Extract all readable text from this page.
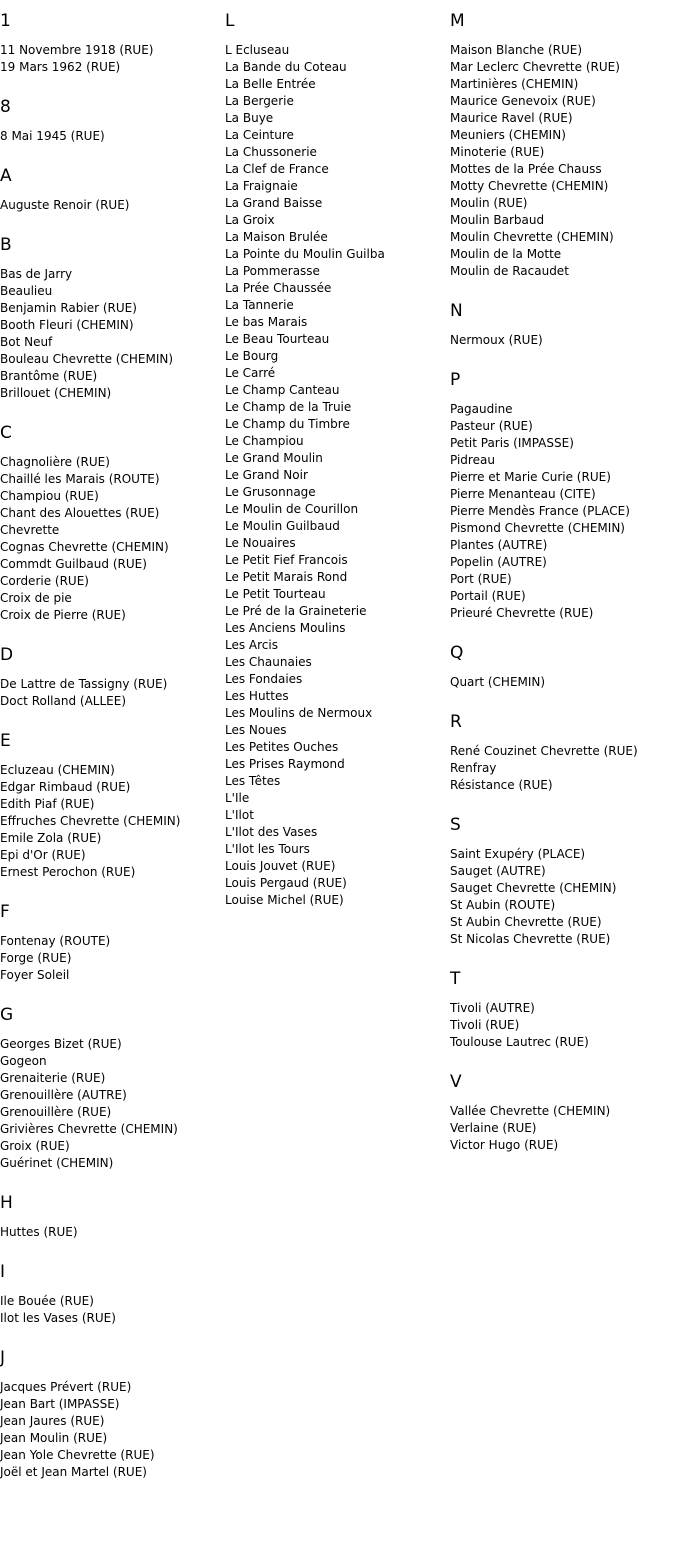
1
11 Novembre 1918 (RUE)
19 Mars 1962 (RUE)
8
8 Mai 1945 (RUE)
A
Auguste Renoir (RUE)
B
Bas de Jarry
Beaulieu
Benjamin Rabier (RUE)
Booth Fleuri (CHEMIN)
Bot Neuf
Bouleau Chevrette (CHEMIN)
Brantôme (RUE)
Brillouet (CHEMIN)
C
Chagnolière (RUE)
Chaillé les Marais (ROUTE)
Champiou (RUE)
Chant des Alouettes (RUE)
Chevrette
Cognas Chevrette (CHEMIN)
Commdt Guilbaud (RUE)
Corderie (RUE)
Croix de pie
Croix de Pierre (RUE)
D
De Lattre de Tassigny (RUE)
Doct Rolland (ALLEE)
E
Ecluzeau (CHEMIN)
Edgar Rimbaud (RUE)
Edith Piaf (RUE)
Effruches Chevrette (CHEMIN)
Emile Zola (RUE)
Epi d'Or (RUE)
Ernest Perochon (RUE)
F
Fontenay (ROUTE)
Forge (RUE)
Foyer Soleil
G
Georges Bizet (RUE)
Gogeon
Grenaiterie (RUE)
Grenouillère (AUTRE)
Grenouillère (RUE)
Grivières Chevrette (CHEMIN)
Groix (RUE)
Guérinet (CHEMIN)
H
Huttes (RUE)
I
Ile Bouée (RUE)
Ilot les Vases (RUE)
J
Jacques Prévert (RUE)
Jean Bart (IMPASSE)
Jean Jaures (RUE)
Jean Moulin (RUE)
Jean Yole Chevrette (RUE)
Joël et Jean Martel (RUE)
L
L Ecluseau
La Bande du Coteau
La Belle Entrée
La Bergerie
La Buye
La Ceinture
La Chussonerie
La Clef de France
La Fraignaie
La Grand Baisse
La Groix
La Maison Brulée
La Pointe du Moulin Guilba
La Pommerasse
La Prée Chaussée
La Tannerie
Le bas Marais
Le Beau Tourteau
Le Bourg
Le Carré
Le Champ Canteau
Le Champ de la Truie
Le Champ du Timbre
Le Champiou
Le Grand Moulin
Le Grand Noir
Le Grusonnage
Le Moulin de Courillon
Le Moulin Guilbaud
Le Nouaires
Le Petit Fief Francois
Le Petit Marais Rond
Le Petit Tourteau
Le Pré de la Graineterie
Les Anciens Moulins
Les Arcis
Les Chaunaies
Les Fondaies
Les Huttes
Les Moulins de Nermoux
Les Noues
Les Petites Ouches
Les Prises Raymond
Les Têtes
L'Ile
L'Ilot
L'Ilot des Vases
L'Ilot les Tours
Louis Jouvet (RUE)
Louis Pergaud (RUE)
Louise Michel (RUE)
M
Maison Blanche (RUE)
Mar Leclerc Chevrette (RUE)
Martinières (CHEMIN)
Maurice Genevoix (RUE)
Maurice Ravel (RUE)
Meuniers (CHEMIN)
Minoterie (RUE)
Mottes de la Prée Chauss
Motty Chevrette (CHEMIN)
Moulin (RUE)
Moulin Barbaud
Moulin Chevrette (CHEMIN)
Moulin de la Motte
Moulin de Racaudet
N
Nermoux (RUE)
P
Pagaudine
Pasteur (RUE)
Petit Paris (IMPASSE)
Pidreau
Pierre et Marie Curie (RUE)
Pierre Menanteau (CITE)
Pierre Mendès France (PLACE)
Pismond Chevrette (CHEMIN)
Plantes (AUTRE)
Popelin (AUTRE)
Port (RUE)
Portail (RUE)
Prieuré Chevrette (RUE)
Q
Quart (CHEMIN)
R
René Couzinet Chevrette (RUE)
Renfray
Résistance (RUE)
S
Saint Exupéry (PLACE)
Sauget (AUTRE)
Sauget Chevrette (CHEMIN)
St Aubin (ROUTE)
St Aubin Chevrette (RUE)
St Nicolas Chevrette (RUE)
T
Tivoli (AUTRE)
Tivoli (RUE)
Toulouse Lautrec (RUE)
V
Vallée Chevrette (CHEMIN)
Verlaine (RUE)
Victor Hugo (RUE)
